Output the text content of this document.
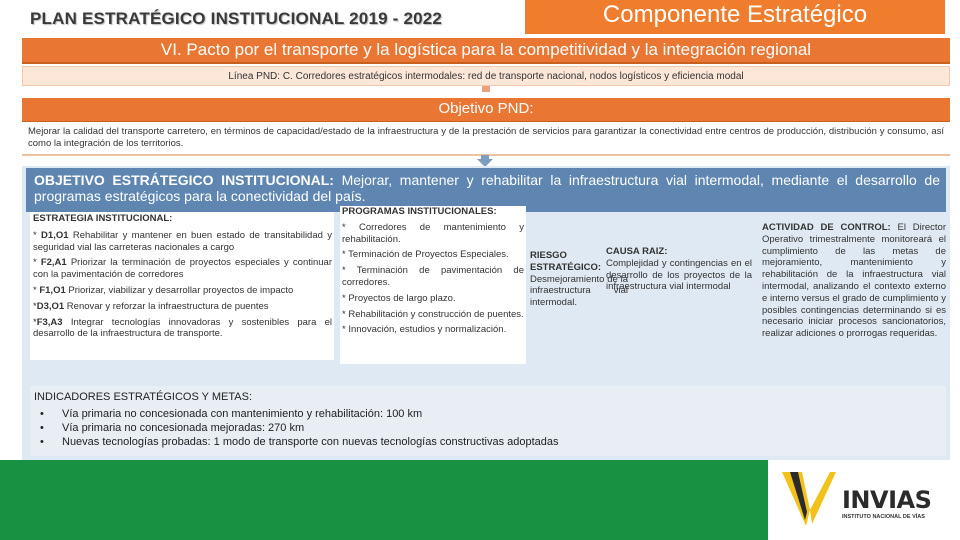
PLAN ESTRATÉGICO INSTITUCIONAL 2019 - 2022	Componente Estratégico
VI. Pacto por el transporte y la logística para la competitividad y la integración regional
Línea PND: C. Corredores estratégicos intermodales: red de transporte nacional, nodos logísticos y eficiencia modal
Objetivo PND:
Mejorar la calidad del transporte carretero, en términos de capacidad/estado de la infraestructura y de la prestación de servicios para garantizar la conectividad entre centros de producción, distribución y consumo, así como la integración de los territorios.
OBJETIVO ESTRÁTEGICO INSTITUCIONAL: Mejorar, mantener y rehabilitar la infraestructura vial intermodal, mediante el desarrollo de programas estratégicos para la conectividad del país.
ESTRATEGIA INSTITUCIONAL:
* D1,O1 Rehabilitar y mantener en buen estado de transitabilidad y seguridad vial las carreteras nacionales a cargo
* F2,A1 Priorizar la terminación de proyectos especiales y continuar con la pavimentación de corredores
* F1,O1 Priorizar, viabilizar y desarrollar proyectos de impacto
*D3,O1 Renovar y reforzar la infraestructura de puentes
*F3,A3 Integrar tecnologías innovadoras y sostenibles para el desarrollo de la infraestructura de transporte.
PROGRAMAS INSTITUCIONALES:
* Corredores de mantenimiento y rehabilitación.
* Terminación de Proyectos Especiales.
* Terminación de pavimentación de corredores.
* Proyectos de largo plazo.
* Rehabilitación y construcción de puentes.
* Innovación, estudios y normalización.
RIESGO ESTRATÉGICO:
Desmejoramiento de la infraestructura vial intermodal.
CAUSA RAIZ:
Complejidad y contingencias en el desarrollo de los proyectos de la infraestructura vial intermodal
ACTIVIDAD DE CONTROL: El Director Operativo trimestralmente monitoreará el cumplimiento de las metas de mejoramiento, mantenimiento y rehabilitación de la infraestructura vial intermodal, analizando el contexto externo e interno versus el grado de cumplimiento y posibles contingencias determinando si es necesario iniciar procesos sancionatorios, realizar adiciones o prorrogas requeridas.
INDICADORES ESTRATÉGICOS Y METAS:
• Vía primaria no concesionada con mantenimiento y rehabilitación: 100 km
• Vía primaria no concesionada mejoradas: 270 km
• Nuevas tecnologías probadas: 1 modo de transporte con nuevas tecnologías constructivas adoptadas
INVIAS
INSTITUTO NACIONAL DE VÍAS
